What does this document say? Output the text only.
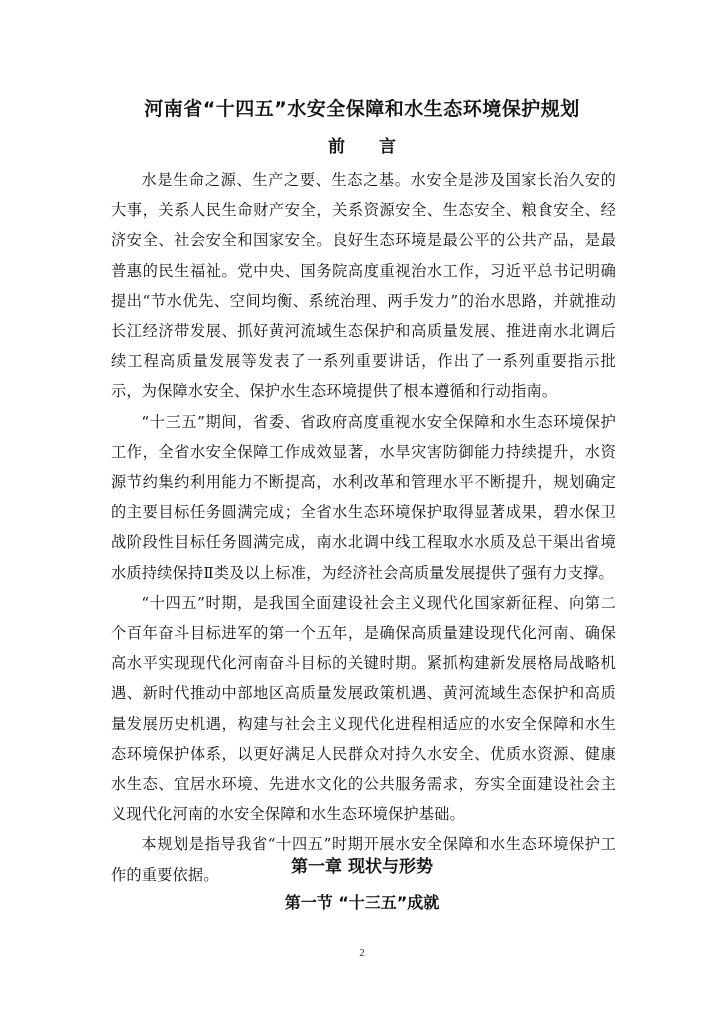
河南省“十四五”水安全保障和水生态环境保护规划
前 言

水是生命之源、生产之要、生态之基。水安全是涉及国家长治久安的大事，关系人民生命财产安全，关系资源安全、生态安全、粮食安全、经济安全、社会安全和国家安全。良好生态环境是最公平的公共产品，是最普惠的民生福祉。党中央、国务院高度重视治水工作，习近平总书记明确提出“节水优先、空间均衡、系统治理、两手发力”的治水思路，并就推动长江经济带发展、抓好黄河流域生态保护和高质量发展、推进南水北调后续工程高质量发展等发表了一系列重要讲话，作出了一系列重要指示批示，为保障水安全、保护水生态环境提供了根本遵循和行动指南。

“十三五”期间，省委、省政府高度重视水安全保障和水生态环境保护工作，全省水安全保障工作成效显著，水旱灾害防御能力持续提升，水资源节约集约利用能力不断提高，水利改革和管理水平不断提升，规划确定的主要目标任务圆满完成；全省水生态环境保护取得显著成果，碧水保卫战阶段性目标任务圆满完成，南水北调中线工程取水水质及总干渠出省境水质持续保持Ⅱ类及以上标准，为经济社会高质量发展提供了强有力支撑。

“十四五”时期，是我国全面建设社会主义现代化国家新征程、向第二个百年奋斗目标进军的第一个五年，是确保高质量建设现代化河南、确保高水平实现现代化河南奋斗目标的关键时期。紧抓构建新发展格局战略机遇、新时代推动中部地区高质量发展政策机遇、黄河流域生态保护和高质量发展历史机遇，构建与社会主义现代化进程相适应的水安全保障和水生态环境保护体系，以更好满足人民群众对持久水安全、优质水资源、健康水生态、宜居水环境、先进水文化的公共服务需求，夯实全面建设社会主义现代化河南的水安全保障和水生态环境保护基础。

本规划是指导我省“十四五”时期开展水安全保障和水生态环境保护工作的重要依据。	第一章 现状与形势
第一节 “十三五”成就
2
